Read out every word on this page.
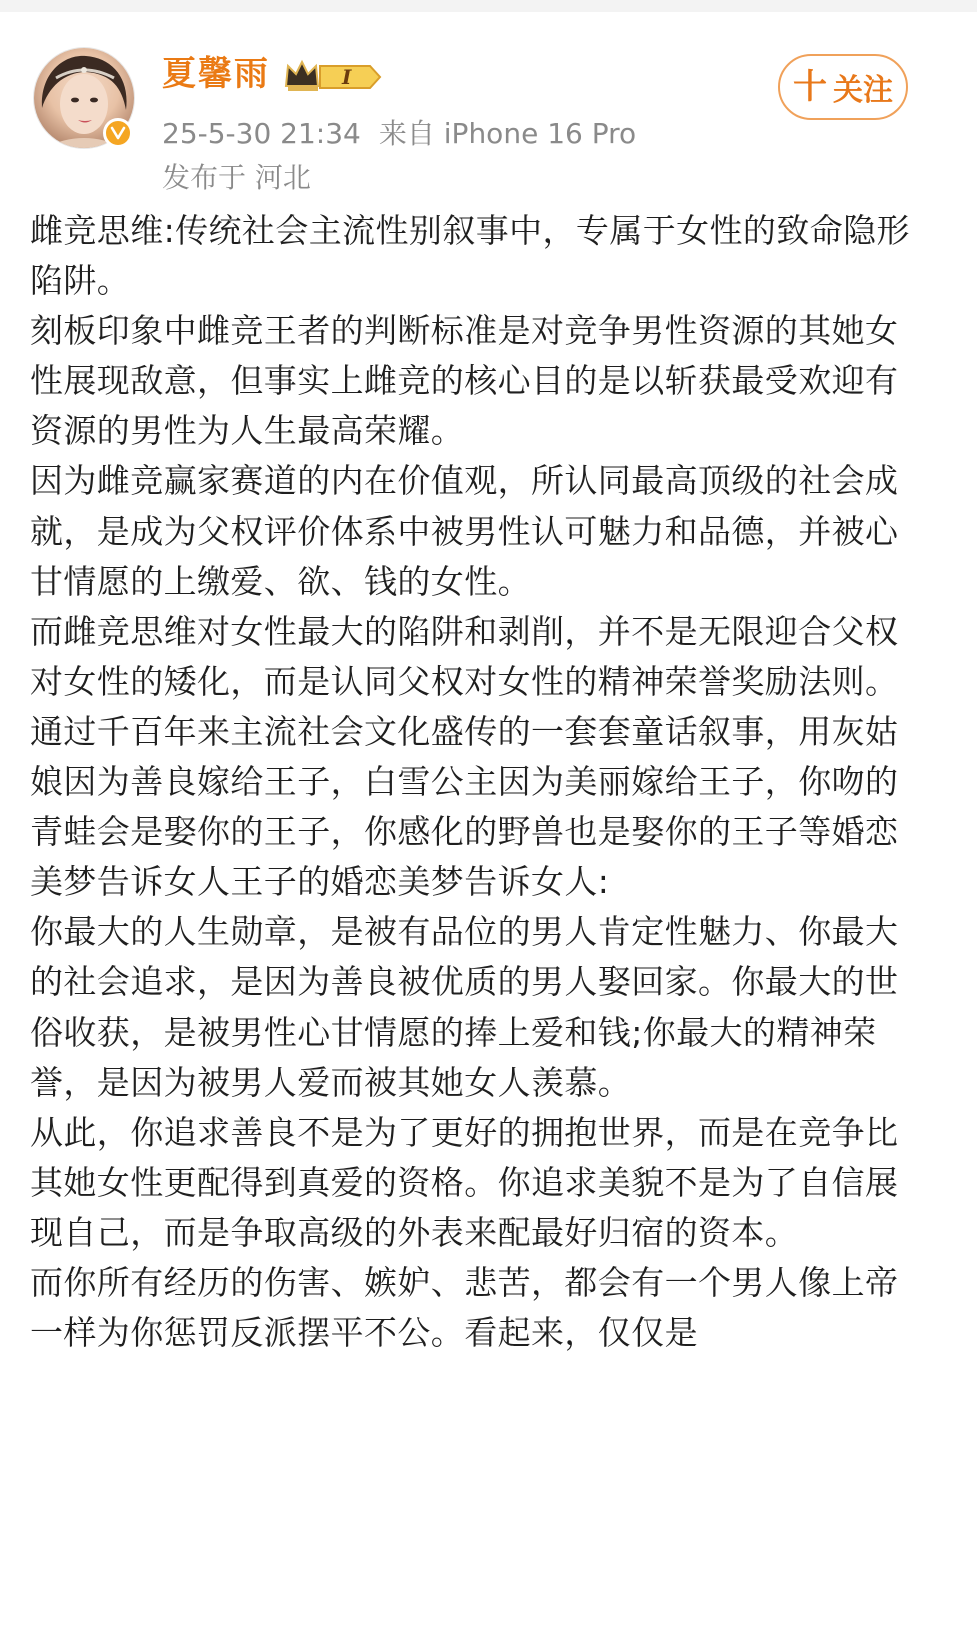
夏馨雨	I
25-5-30 21:34 来自 iPhone 16 Pro
发布于 河北
十 关注

雌竞思维:传统社会主流性别叙事中，专属于女性的致命隐形陷阱。

刻板印象中雌竞王者的判断标准是对竞争男性资源的其她女性展现敌意，但事实上雌竞的核心目的是以斩获最受欢迎有资源的男性为人生最高荣耀。

因为雌竞赢家赛道的内在价值观，所认同最高顶级的社会成就，是成为父权评价体系中被男性认可魅力和品德，并被心甘情愿的上缴爱、欲、钱的女性。

而雌竞思维对女性最大的陷阱和剥削，并不是无限迎合父权对女性的矮化，而是认同父权对女性的精神荣誉奖励法则。

通过千百年来主流社会文化盛传的一套套童话叙事，用灰姑娘因为善良嫁给王子，白雪公主因为美丽嫁给王子，你吻的青蛙会是娶你的王子，你感化的野兽也是娶你的王子等婚恋美梦告诉女人王子的婚恋美梦告诉女人:

你最大的人生勋章，是被有品位的男人肯定性魅力、你最大的社会追求，是因为善良被优质的男人娶回家。你最大的世俗收获，是被男性心甘情愿的捧上爱和钱;你最大的精神荣誉，是因为被男人爱而被其她女人羡慕。

从此，你追求善良不是为了更好的拥抱世界，而是在竞争比其她女性更配得到真爱的资格。你追求美貌不是为了自信展现自己，而是争取高级的外表来配最好归宿的资本。

而你所有经历的伤害、嫉妒、悲苦，都会有一个男人像上帝一样为你惩罚反派摆平不公。看起来，仅仅是
